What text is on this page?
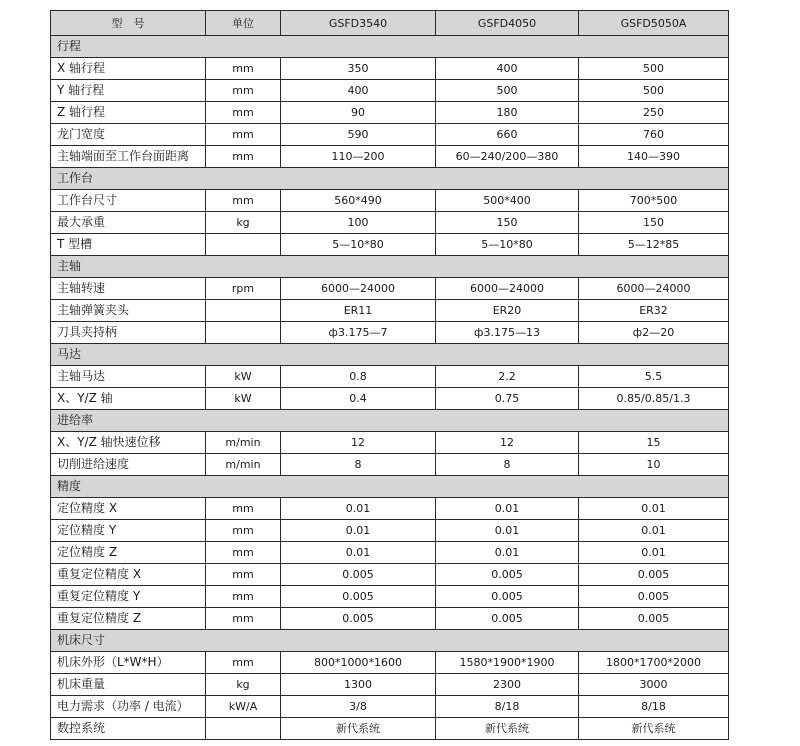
型　号	单位	GSFD3540	GSFD4050	GSFD5050A
行程				
X 轴行程	mm	350	400	500
Y 轴行程	mm	400	500	500
Z 轴行程	mm	90	180	250
龙门宽度	mm	590	660	760
主轴端面至工作台面距离	mm	110—200	60—240/200—380	140—390
工作台				
工作台尺寸	mm	560*490	500*400	700*500
最大承重	kg	100	150	150
T 型槽		5—10*80	5—10*80	5—12*85
主轴				
主轴转速	rpm	6000—24000	6000—24000	6000—24000
主轴弹簧夹头		ER11	ER20	ER32
刀具夹持柄		ф3.175—7	ф3.175—13	ф2—20
马达				
主轴马达	kW	0.8	2.2	5.5
X、Y/Z 轴	kW	0.4	0.75	0.85/0.85/1.3
进给率				
X、Y/Z 轴快速位移	m/min	12	12	15
切削进给速度	m/min	8	8	10
精度				
定位精度 X	mm	0.01	0.01	0.01
定位精度 Y	mm	0.01	0.01	0.01
定位精度 Z	mm	0.01	0.01	0.01
重复定位精度 X	mm	0.005	0.005	0.005
重复定位精度 Y	mm	0.005	0.005	0.005
重复定位精度 Z	mm	0.005	0.005	0.005
机床尺寸				
机床外形（L*W*H）	mm	800*1000*1600	1580*1900*1900	1800*1700*2000
机床重量	kg	1300	2300	3000
电力需求（功率 / 电流）	kW/A	3/8	8/18	8/18
数控系统		新代系统	新代系统	新代系统
